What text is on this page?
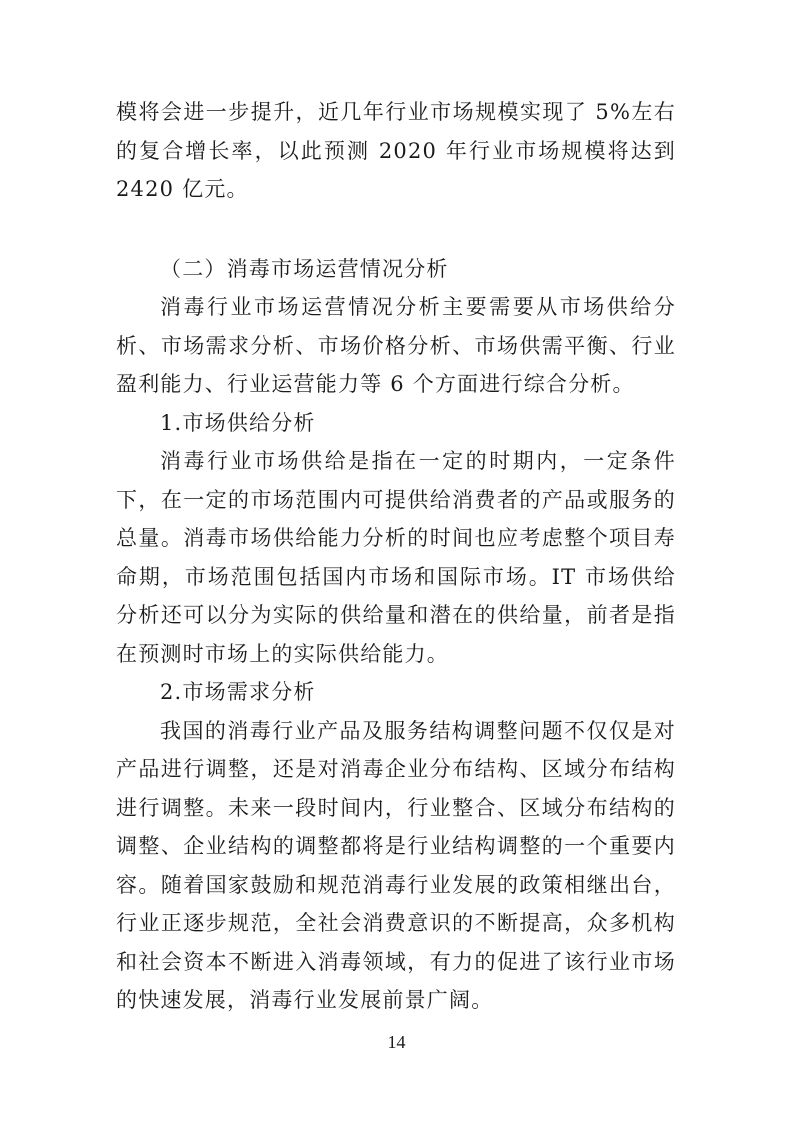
模将会进一步提升，近几年行业市场规模实现了 5%左右的复合增长率，以此预测 2020 年行业市场规模将达到 2420 亿元。

（二）消毒市场运营情况分析

消毒行业市场运营情况分析主要需要从市场供给分析、市场需求分析、市场价格分析、市场供需平衡、行业盈利能力、行业运营能力等 6 个方面进行综合分析。

1.市场供给分析

消毒行业市场供给是指在一定的时期内，一定条件下，在一定的市场范围内可提供给消费者的产品或服务的总量。消毒市场供给能力分析的时间也应考虑整个项目寿命期，市场范围包括国内市场和国际市场。IT 市场供给分析还可以分为实际的供给量和潜在的供给量，前者是指在预测时市场上的实际供给能力。

2.市场需求分析

我国的消毒行业产品及服务结构调整问题不仅仅是对产品进行调整，还是对消毒企业分布结构、区域分布结构进行调整。未来一段时间内，行业整合、区域分布结构的调整、企业结构的调整都将是行业结构调整的一个重要内容。随着国家鼓励和规范消毒行业发展的政策相继出台，行业正逐步规范，全社会消费意识的不断提高，众多机构和社会资本不断进入消毒领域，有力的促进了该行业市场的快速发展，消毒行业发展前景广阔。

14
